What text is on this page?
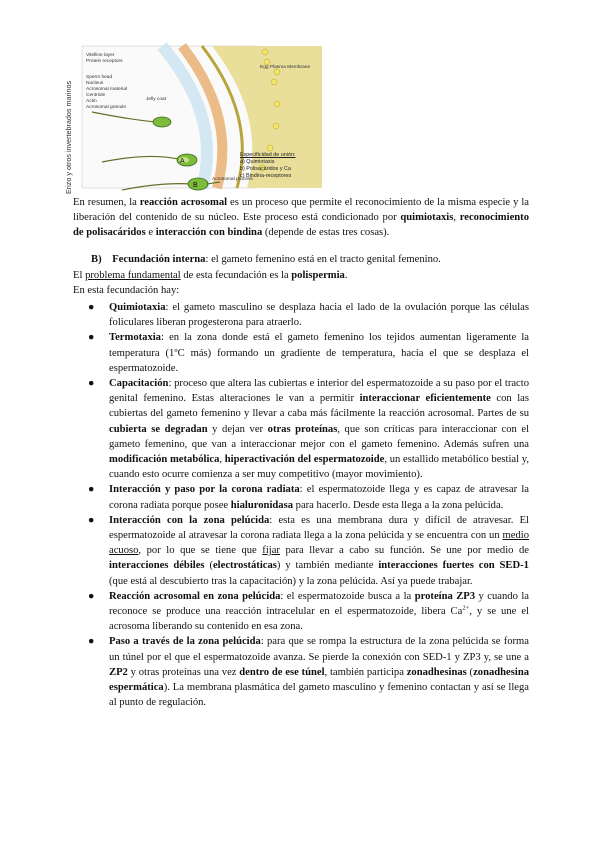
Erizo y otros invertebrados marinos	A
B
Vitelline layer
Protein receptors
Sperm head
Nucleus
Acrosomal material
Centriole
Actin
Acrosomal granule
Jelly coat
Egg Plasma Membrane
Acrosomal process
Especificidad de unión:
a) Quimiotaxis
b) Polisacáridos y Ca
c) Bindina-receptores
En resumen, la reacción acrosomal es un proceso que permite el reconocimiento de la misma especie y la liberación del contenido de su núcleo. Este proceso está condicionado por quimiotaxis, reconocimiento de polisacáridos e interacción con bindina (depende de estas tres cosas).
B) Fecundación interna: el gameto femenino está en el tracto genital femenino.
El problema fundamental de esta fecundación es la polispermia.
En esta fecundación hay:
● Quimiotaxia: el gameto masculino se desplaza hacia el lado de la ovulación porque las células foliculares liberan progesterona para atraerlo.
● Termotaxia: en la zona donde está el gameto femenino los tejidos aumentan ligeramente la temperatura (1ºC más) formando un gradiente de temperatura, hacia el que se desplaza el espermatozoide.
● Capacitación: proceso que altera las cubiertas e interior del espermatozoide a su paso por el tracto genital femenino. Estas alteraciones le van a permitir interaccionar eficientemente con las cubiertas del gameto femenino y llevar a caba más fácilmente la reacción acrosomal. Partes de su cubierta se degradan y dejan ver otras proteínas, que son críticas para interaccionar con el gameto femenino, que van a interaccionar mejor con el gameto femenino. Además sufren una modificación metabólica, hiperactivación del espermatozoide, un estallido metabólico bestial y, cuando esto ocurre comienza a ser muy competitivo (mayor movimiento).
● Interacción y paso por la corona radiata: el espermatozoide llega y es capaz de atravesar la corona radiata porque posee hialuronidasa para hacerlo. Desde esta llega a la zona pelúcida.
● Interacción con la zona pelúcida: esta es una membrana dura y difícil de atravesar. El espermatozoide al atravesar la corona radiata llega a la zona pelúcida y se encuentra con un medio acuoso, por lo que se tiene que fijar para llevar a cabo su función. Se une por medio de interacciones débiles (electrostáticas) y también mediante interacciones fuertes con SED-1 (que está al descubierto tras la capacitación) y la zona pelúcida. Así ya puede trabajar.
● Reacción acrosomal en zona pelúcida: el espermatozoide busca a la proteína ZP3 y cuando la reconoce se produce una reacción intracelular en el espermatozoide, libera $Ca^{2+}$, y se une el acrosoma liberando su contenido en esa zona.
● Paso a través de la zona pelúcida: para que se rompa la estructura de la zona pelúcida se forma un túnel por el que el espermatozoide avanza. Se pierde la conexión con SED-1 y ZP3 y, se une a ZP2 y otras proteínas una vez dentro de ese túnel, también participa zonadhesinas (zonadhesina espermática). La membrana plasmática del gameto masculino y femenino contactan y así se llega al punto de regulación.
